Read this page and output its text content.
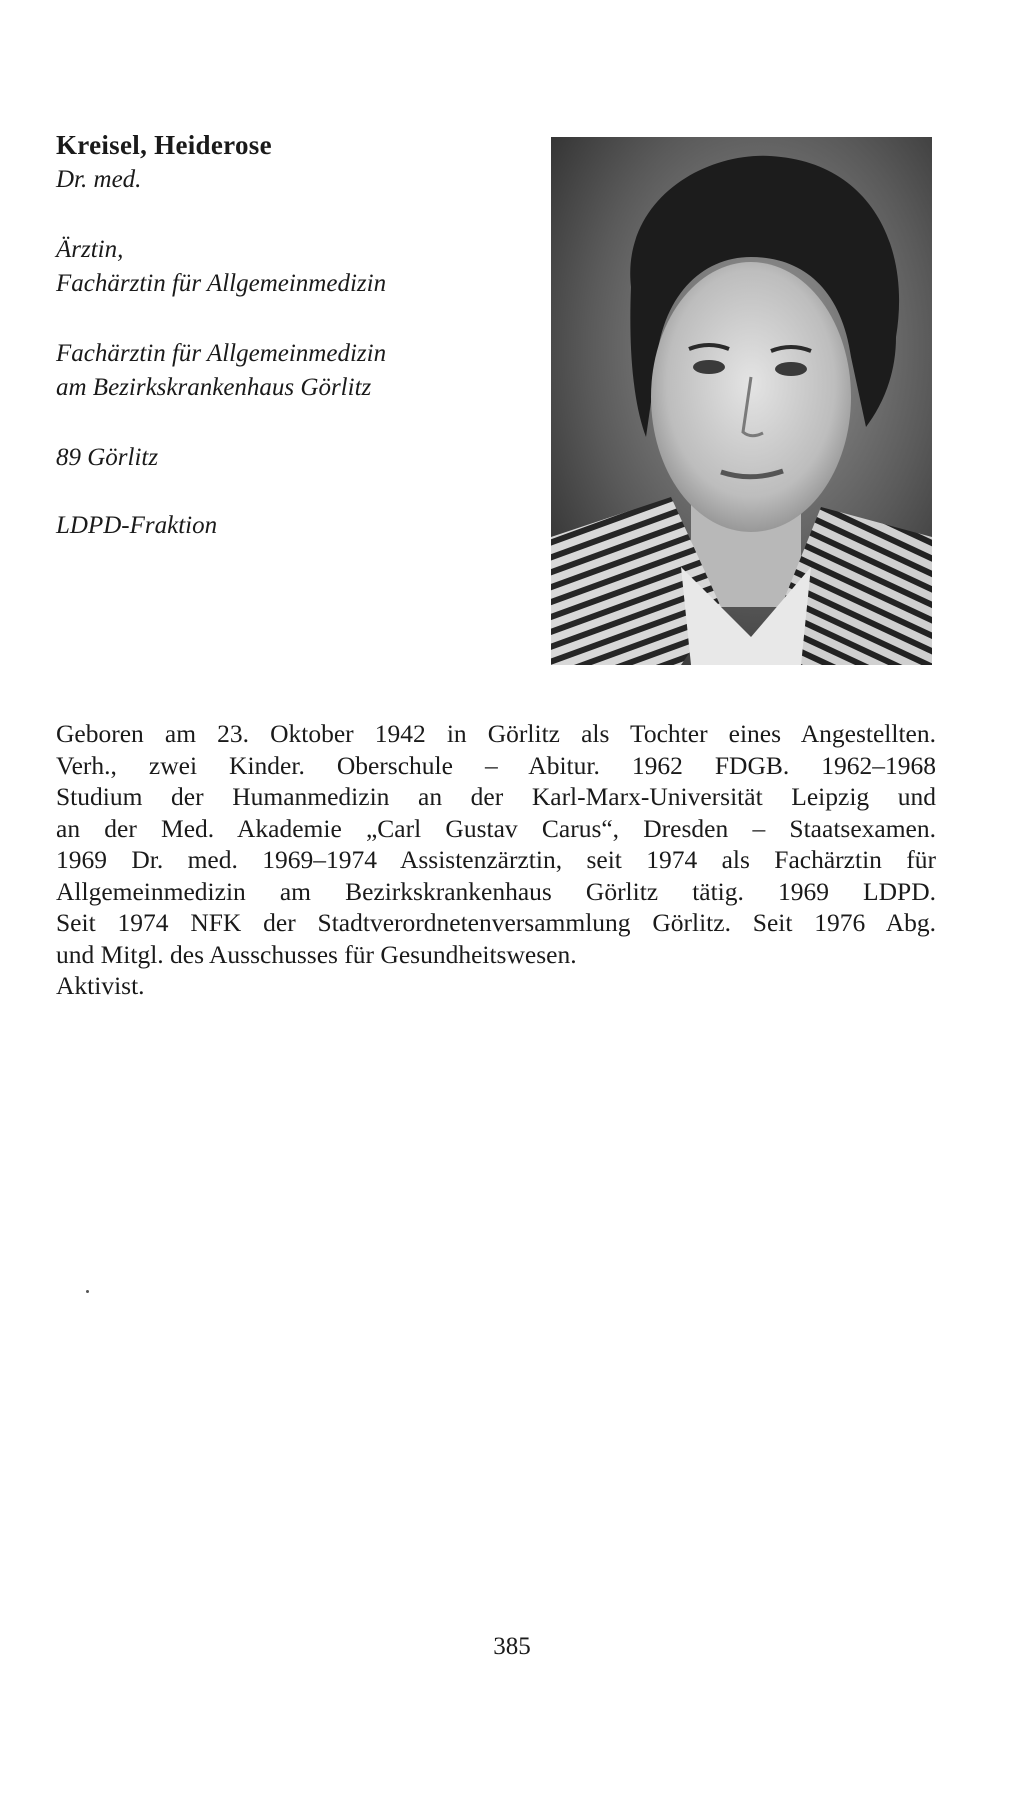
Kreisel, Heiderose
Dr. med.
Ärztin,
Fachärztin für Allgemeinmedizin
Fachärztin für Allgemeinmedizin
am Bezirkskrankenhaus Görlitz
89 Görlitz
LDPD-Fraktion
Geboren am 23. Oktober 1942 in Görlitz als Tochter eines Angestellten.
Verh., zwei Kinder. Oberschule – Abitur. 1962 FDGB. 1962–1968
Studium der Humanmedizin an der Karl-Marx-Universität Leipzig und
an der Med. Akademie „Carl Gustav Carus“, Dresden – Staatsexamen.
1969 Dr. med. 1969–1974 Assistenzärztin, seit 1974 als Fachärztin für
Allgemeinmedizin am Bezirkskrankenhaus Görlitz tätig. 1969 LDPD.
Seit 1974 NFK der Stadtverordnetenversammlung Görlitz. Seit 1976 Abg.
und Mitgl. des Ausschusses für Gesundheitswesen.
Aktivist.
385
